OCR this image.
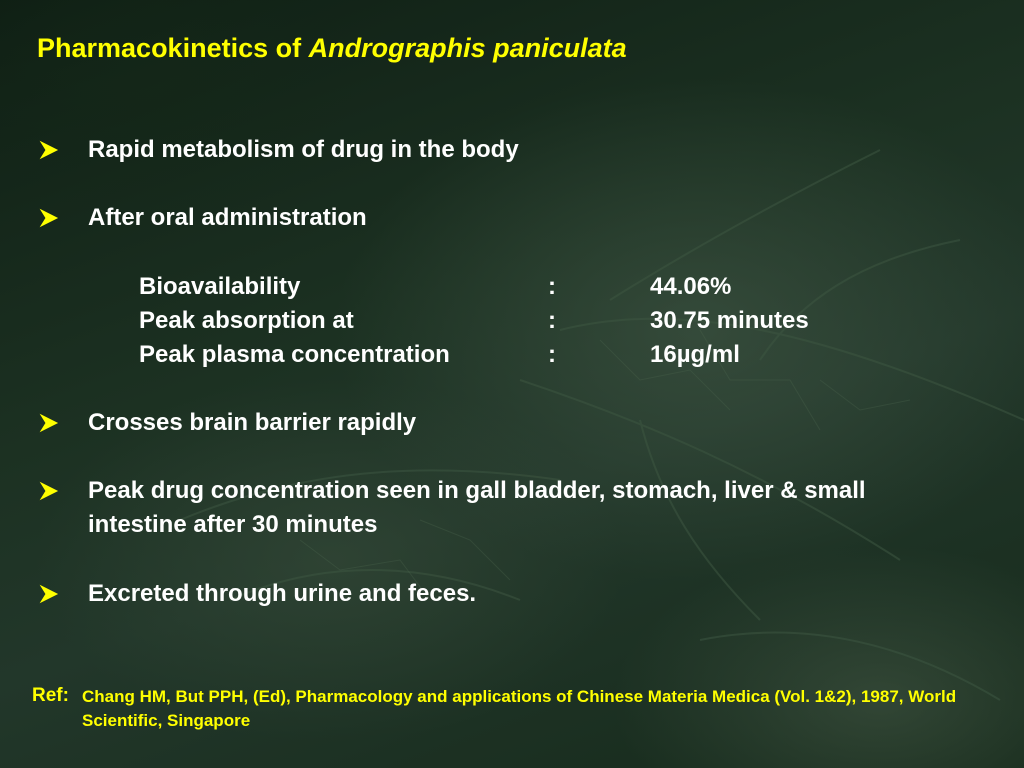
Pharmacokinetics of Andrographis paniculata
Rapid metabolism of drug in the body
After oral administration
Crosses brain barrier rapidly
Peak drug concentration seen in gall bladder, stomach, liver & small intestine after 30 minutes
Excreted through urine and feces.
Bioavailability	:	44.06%
Peak absorption at	:	30.75 minutes
Peak plasma concentration	:	16µg/ml
Ref: Chang HM, But PPH, (Ed), Pharmacology and applications of Chinese Materia Medica (Vol. 1&2), 1987, World Scientific, Singapore
